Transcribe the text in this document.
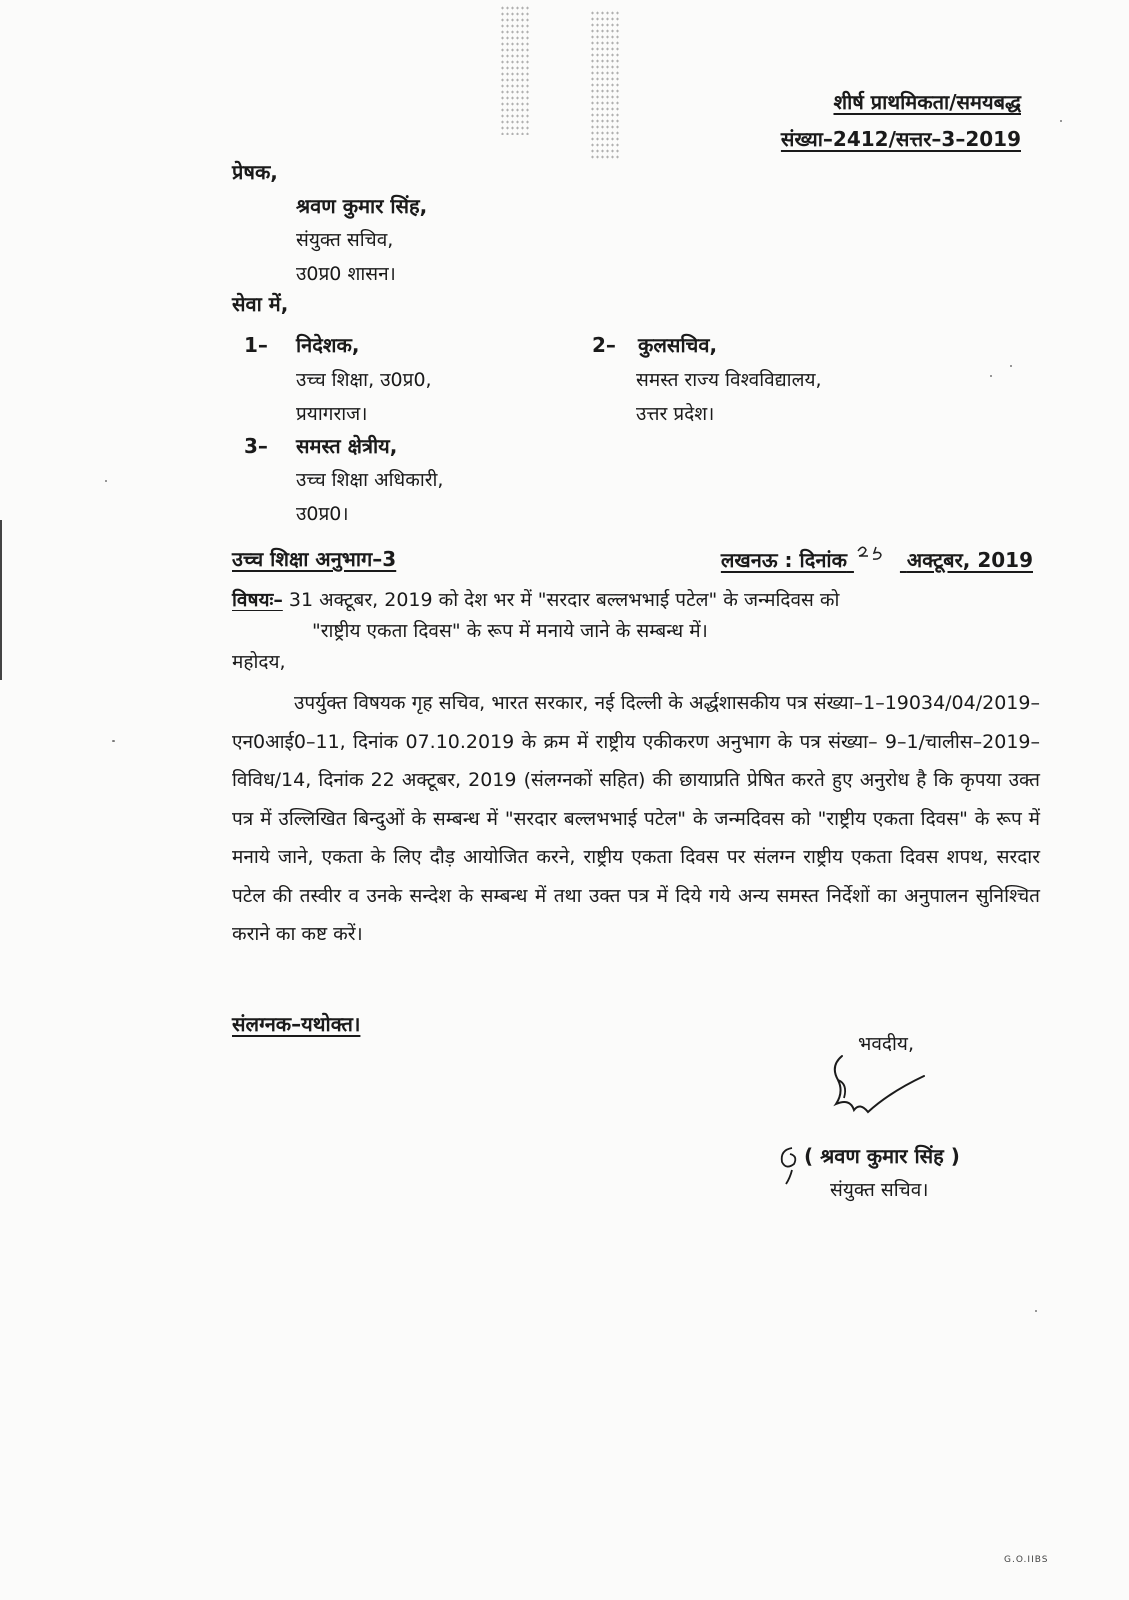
शीर्ष प्राथमिकता/समयबद्ध
संख्या–2412/सत्तर–3–2019
प्रेषक,
श्रवण कुमार सिंह,
संयुक्त सचिव,
उ0प्र0 शासन।
सेवा में,
1– निदेशक,
उच्च शिक्षा, उ0प्र0,
प्रयागराज।
2– कुलसचिव,
समस्त राज्य विश्वविद्यालय,
उत्तर प्रदेश।
3– समस्त क्षेत्रीय,
उच्च शिक्षा अधिकारी,
उ0प्र0।
उच्च शिक्षा अनुभाग–3	लखनऊ : दिनांक	अक्टूबर, 2019
विषयः– 31 अक्टूबर, 2019 को देश भर में "सरदार बल्लभभाई पटेल" के जन्मदिवस को
"राष्ट्रीय एकता दिवस" के रूप में मनाये जाने के सम्बन्ध में।
महोदय,
उपर्युक्त विषयक गृह सचिव, भारत सरकार, नई दिल्ली के अर्द्धशासकीय पत्र संख्या–1–19034/04/2019–एन0आई0–11, दिनांक 07.10.2019 के क्रम में राष्ट्रीय एकीकरण अनुभाग के पत्र संख्या– 9–1/चालीस–2019–विविध/14, दिनांक 22 अक्टूबर, 2019 (संलग्नकों सहित) की छायाप्रति प्रेषित करते हुए अनुरोध है कि कृपया उक्त पत्र में उल्लिखित बिन्दुओं के सम्बन्ध में "सरदार बल्लभभाई पटेल" के जन्मदिवस को "राष्ट्रीय एकता दिवस" के रूप में मनाये जाने, एकता के लिए दौड़ आयोजित करने, राष्ट्रीय एकता दिवस पर संलग्न राष्ट्रीय एकता दिवस शपथ, सरदार पटेल की तस्वीर व उनके सन्देश के सम्बन्ध में तथा उक्त पत्र में दिये गये अन्य समस्त निर्देशों का अनुपालन सुनिश्चित कराने का कष्ट करें।
संलग्नक–यथोक्त।
भवदीय,
( श्रवण कुमार सिंह )
संयुक्त सचिव।
G.O.IIBS
